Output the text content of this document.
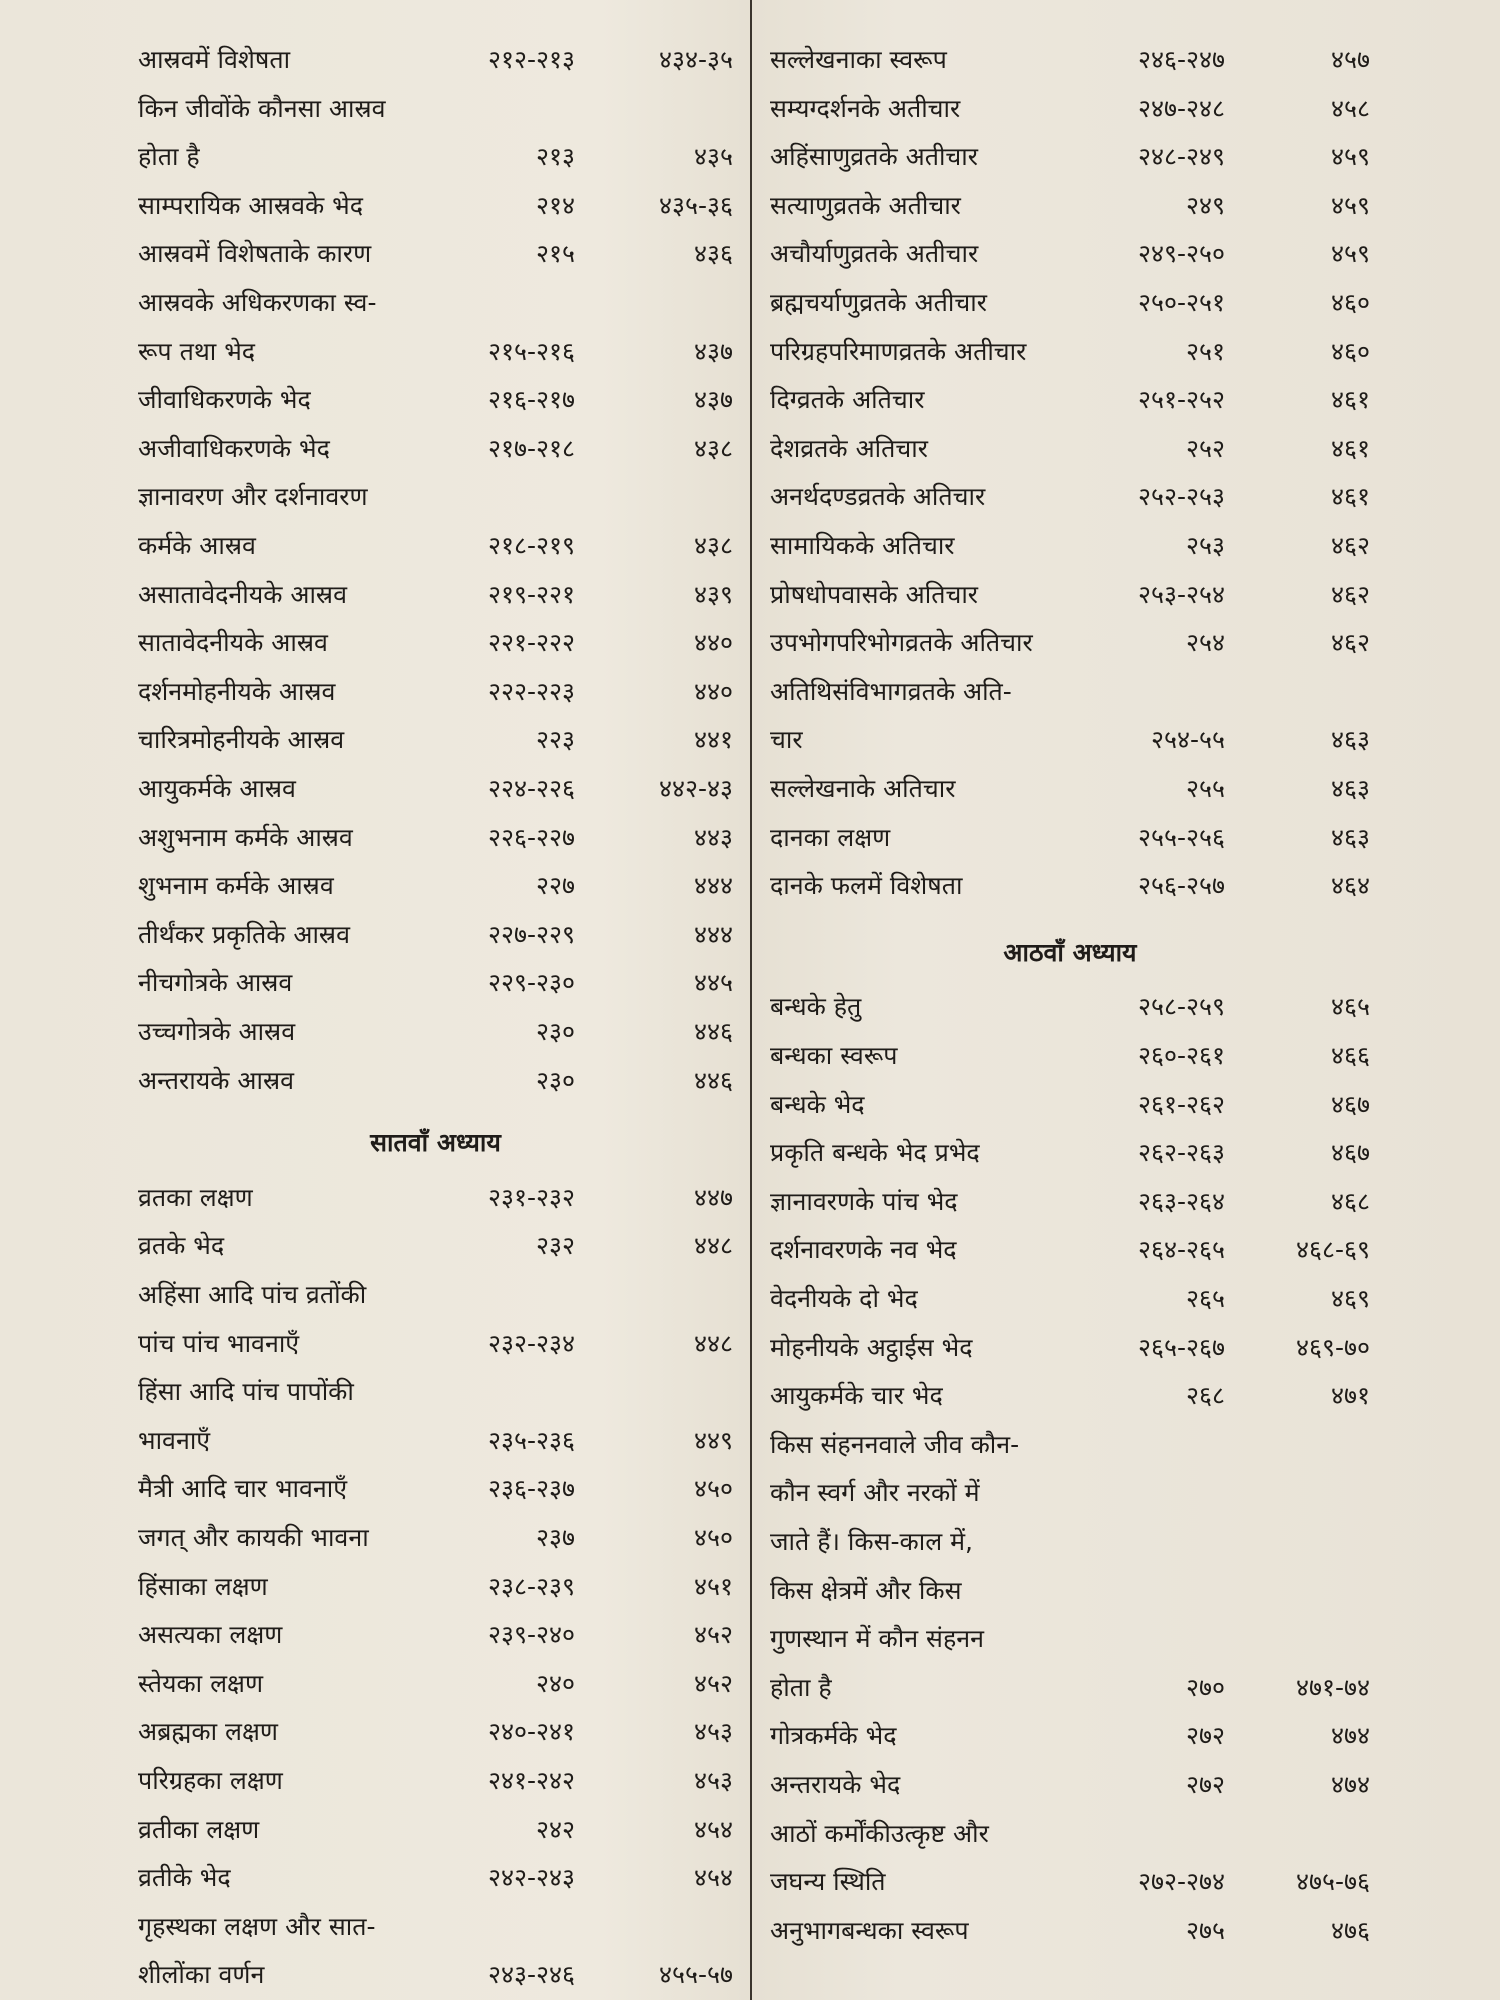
आस्रवमें विशेषता	२१२-२१३	४३४-३५
किन जीवोंके कौनसा आस्रव
होता है	२१३	४३५
साम्परायिक आस्रवके भेद	२१४	४३५-३६
आस्रवमें विशेषताके कारण	२१५	४३६
आस्रवके अधिकरणका स्व-
रूप तथा भेद	२१५-२१६	४३७
जीवाधिकरणके भेद	२१६-२१७	४३७
अजीवाधिकरणके भेद	२१७-२१८	४३८
ज्ञानावरण और दर्शनावरण
कर्मके आस्रव	२१८-२१९	४३८
असातावेदनीयके आस्रव	२१९-२२१	४३९
सातावेदनीयके आस्रव	२२१-२२२	४४०
दर्शनमोहनीयके आस्रव	२२२-२२३	४४०
चारित्रमोहनीयके आस्रव	२२३	४४१
आयुकर्मके आस्रव	२२४-२२६	४४२-४३
अशुभनाम कर्मके आस्रव	२२६-२२७	४४३
शुभनाम कर्मके आस्रव	२२७	४४४
तीर्थंकर प्रकृतिके आस्रव	२२७-२२९	४४४
नीचगोत्रके आस्रव	२२९-२३०	४४५
उच्चगोत्रके आस्रव	२३०	४४६
अन्तरायके आस्रव	२३०	४४६
सातवाँ अध्याय
व्रतका लक्षण	२३१-२३२	४४७
व्रतके भेद	२३२	४४८
अहिंसा आदि पांच व्रतोंकी
पांच पांच भावनाएँ	२३२-२३४	४४८
हिंसा आदि पांच पापोंकी
भावनाएँ	२३५-२३६	४४९
मैत्री आदि चार भावनाएँ	२३६-२३७	४५०
जगत् और कायकी भावना	२३७	४५०
हिंसाका लक्षण	२३८-२३९	४५१
असत्यका लक्षण	२३९-२४०	४५२
स्तेयका लक्षण	२४०	४५२
अब्रह्मका लक्षण	२४०-२४१	४५३
परिग्रहका लक्षण	२४१-२४२	४५३
व्रतीका लक्षण	२४२	४५४
व्रतीके भेद	२४२-२४३	४५४
गृहस्थका लक्षण और सात-
शीलोंका वर्णन	२४३-२४६	४५५-५७
सल्लेखनाका स्वरूप	२४६-२४७	४५७
सम्यग्दर्शनके अतीचार	२४७-२४८	४५८
अहिंसाणुव्रतके अतीचार	२४८-२४९	४५९
सत्याणुव्रतके अतीचार	२४९	४५९
अचौर्याणुव्रतके अतीचार	२४९-२५०	४५९
ब्रह्मचर्याणुव्रतके अतीचार	२५०-२५१	४६०
परिग्रहपरिमाणव्रतके अतीचार	२५१	४६०
दिग्व्रतके अतिचार	२५१-२५२	४६१
देशव्रतके अतिचार	२५२	४६१
अनर्थदण्डव्रतके अतिचार	२५२-२५३	४६१
सामायिकके अतिचार	२५३	४६२
प्रोषधोपवासके अतिचार	२५३-२५४	४६२
उपभोगपरिभोगव्रतके अतिचार	२५४	४६२
अतिथिसंविभागव्रतके अति-
चार	२५४-५५	४६३
सल्लेखनाके अतिचार	२५५	४६३
दानका लक्षण	२५५-२५६	४६३
दानके फलमें विशेषता	२५६-२५७	४६४
आठवाँ अध्याय
बन्धके हेतु	२५८-२५९	४६५
बन्धका स्वरूप	२६०-२६१	४६६
बन्धके भेद	२६१-२६२	४६७
प्रकृति बन्धके भेद प्रभेद	२६२-२६३	४६७
ज्ञानावरणके पांच भेद	२६३-२६४	४६८
दर्शनावरणके नव भेद	२६४-२६५	४६८-६९
वेदनीयके दो भेद	२६५	४६९
मोहनीयके अट्ठाईस भेद	२६५-२६७	४६९-७०
आयुकर्मके चार भेद	२६८	४७१
किस संहननवाले जीव कौन-
कौन स्वर्ग और नरकों में
जाते हैं। किस-काल में,
किस क्षेत्रमें और किस
गुणस्थान में कौन संहनन
होता है	२७०	४७१-७४
गोत्रकर्मके भेद	२७२	४७४
अन्तरायके भेद	२७२	४७४
आठों कर्मोंकीउत्कृष्ट और
जघन्य स्थिति	२७२-२७४	४७५-७६
अनुभागबन्धका स्वरूप	२७५	४७६
